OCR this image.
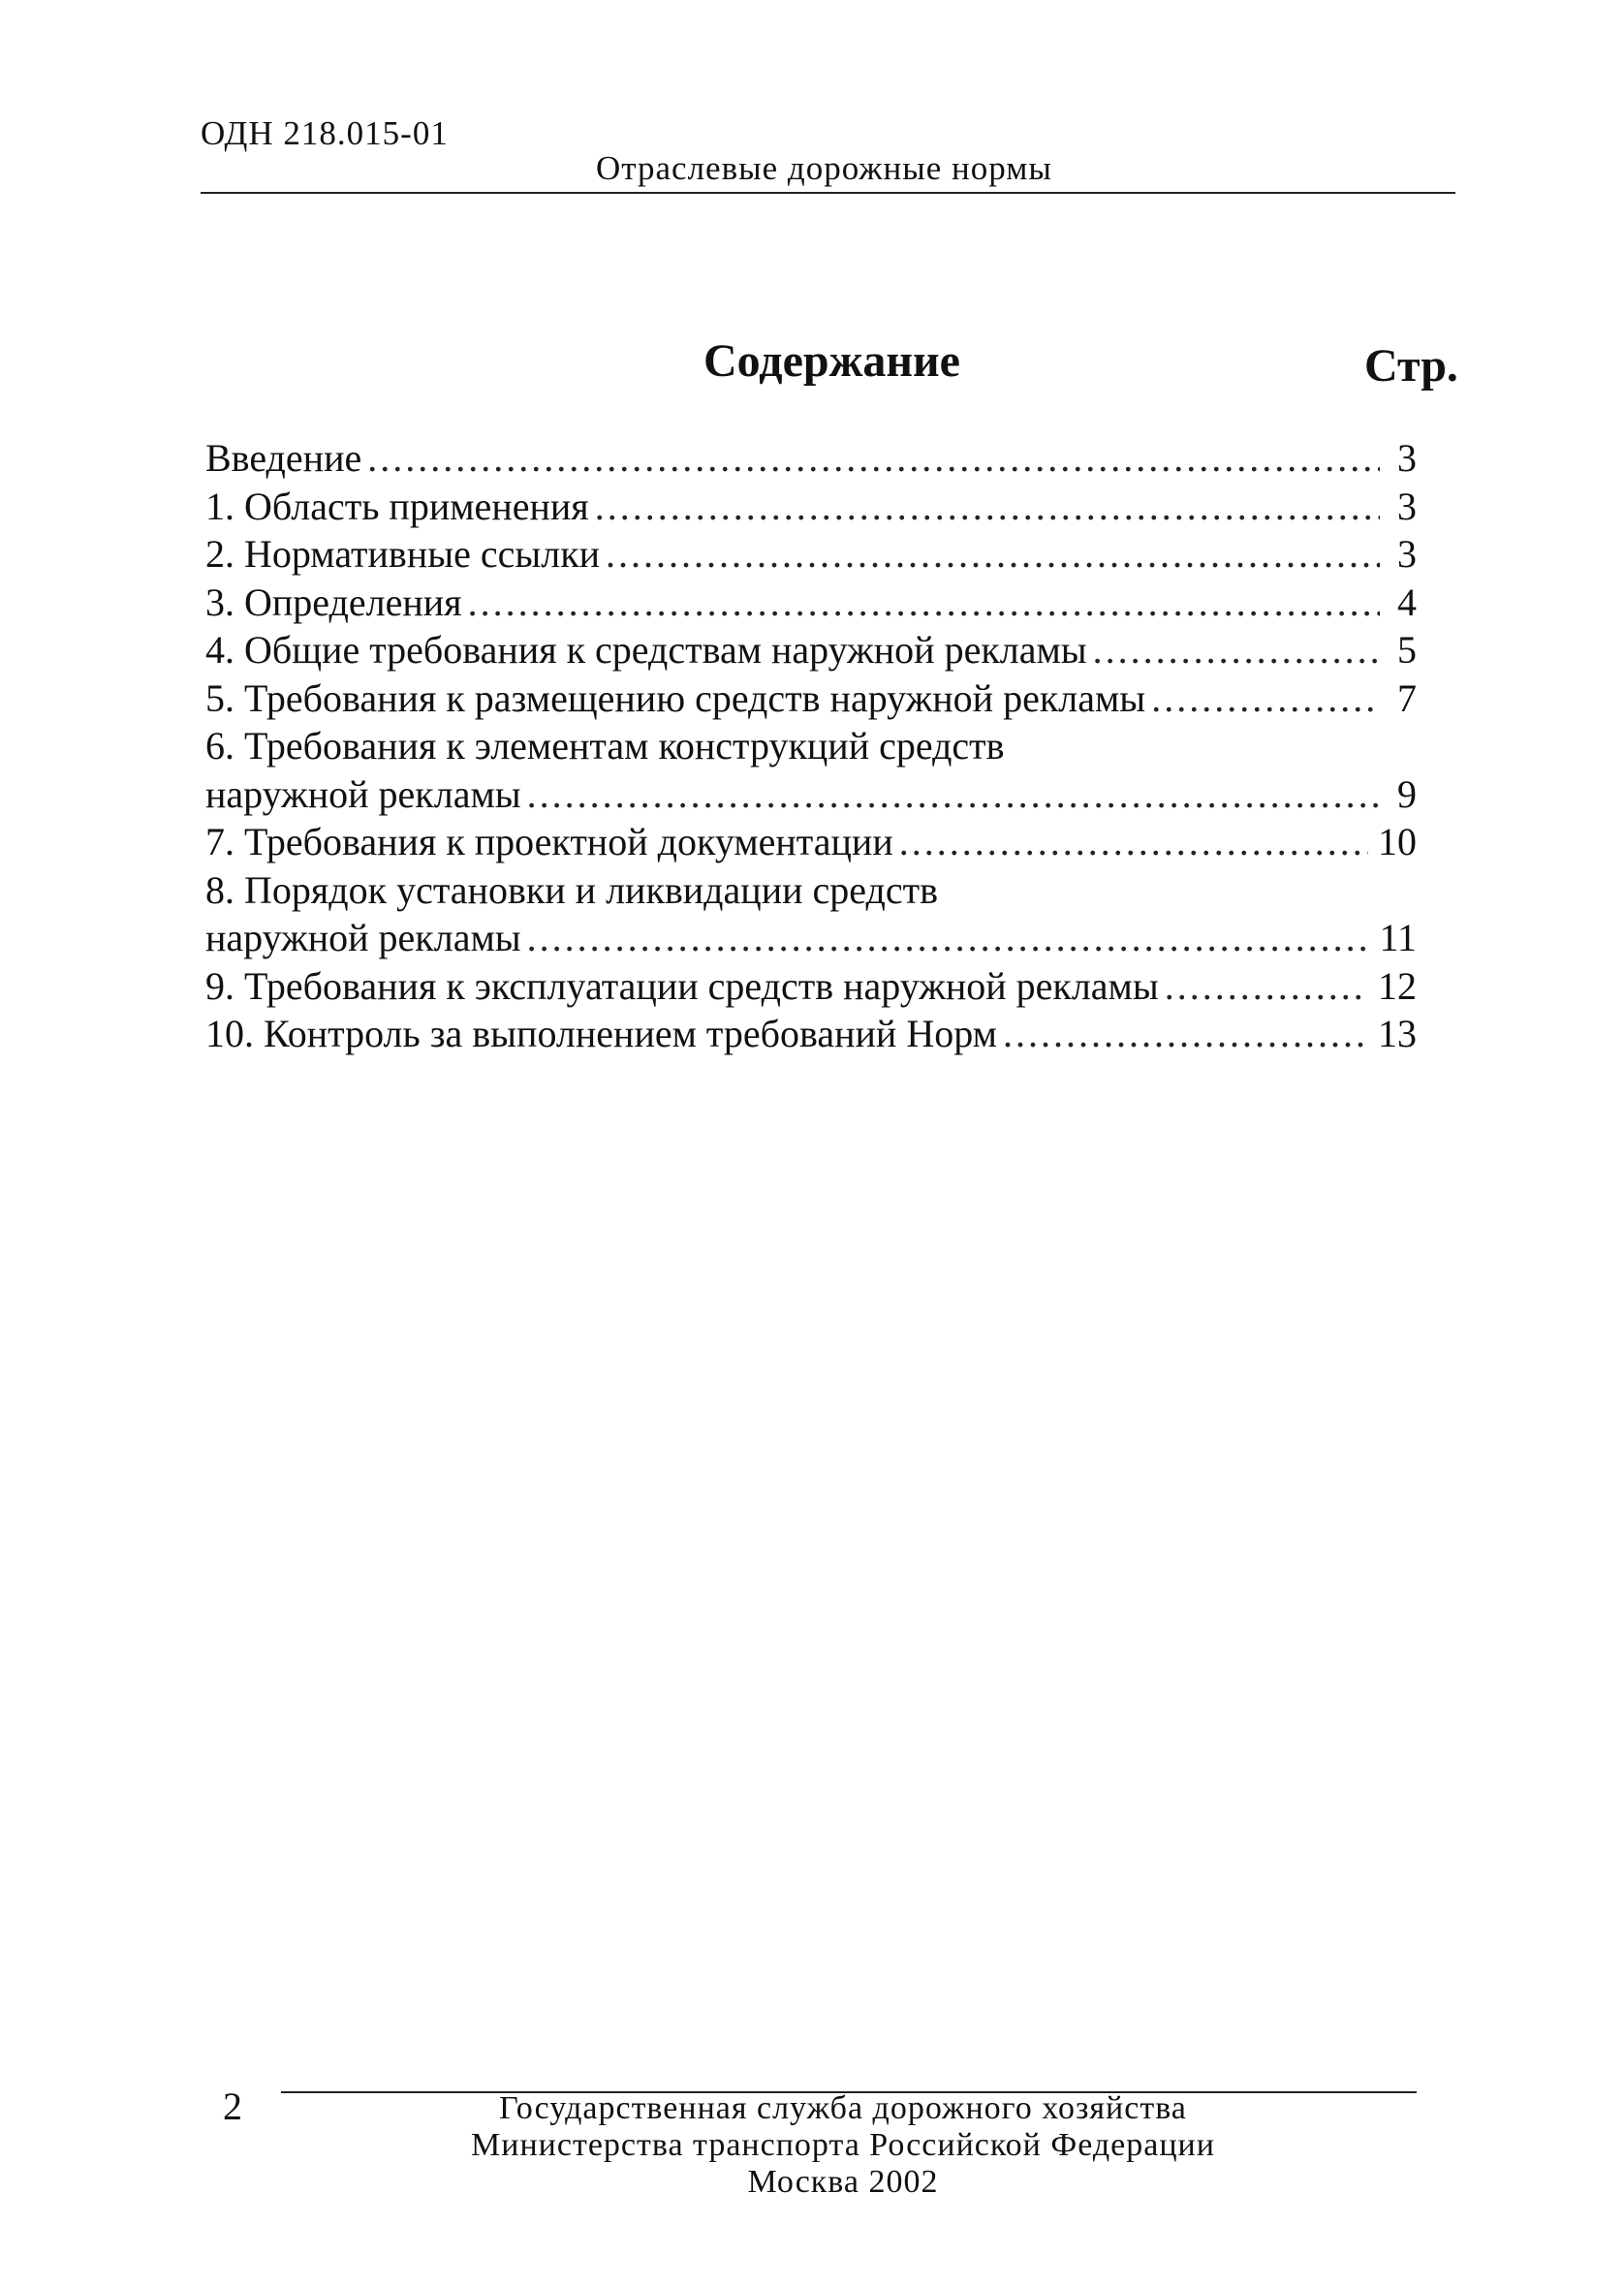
ОДН 218.015-01
Отраслевые дорожные нормы
Содержание	Стр.
Введение .....	3
1. Область применения .....	3
2. Нормативные ссылки .....	3
3. Определения .....	4
4. Общие требования к средствам наружной рекламы .....	5
5. Требования к размещению средств наружной рекламы .....	7
6. Требования к элементам конструкций средств
наружной рекламы .....	9
7. Требования к проектной документации .....	10
8. Порядок установки и ликвидации средств
наружной рекламы .....	11
9. Требования к эксплуатации средств наружной рекламы .....	12
10. Контроль за выполнением требований Норм .....	13
2	Государственная служба дорожного хозяйства
Министерства транспорта Российской Федерации
Москва 2002
